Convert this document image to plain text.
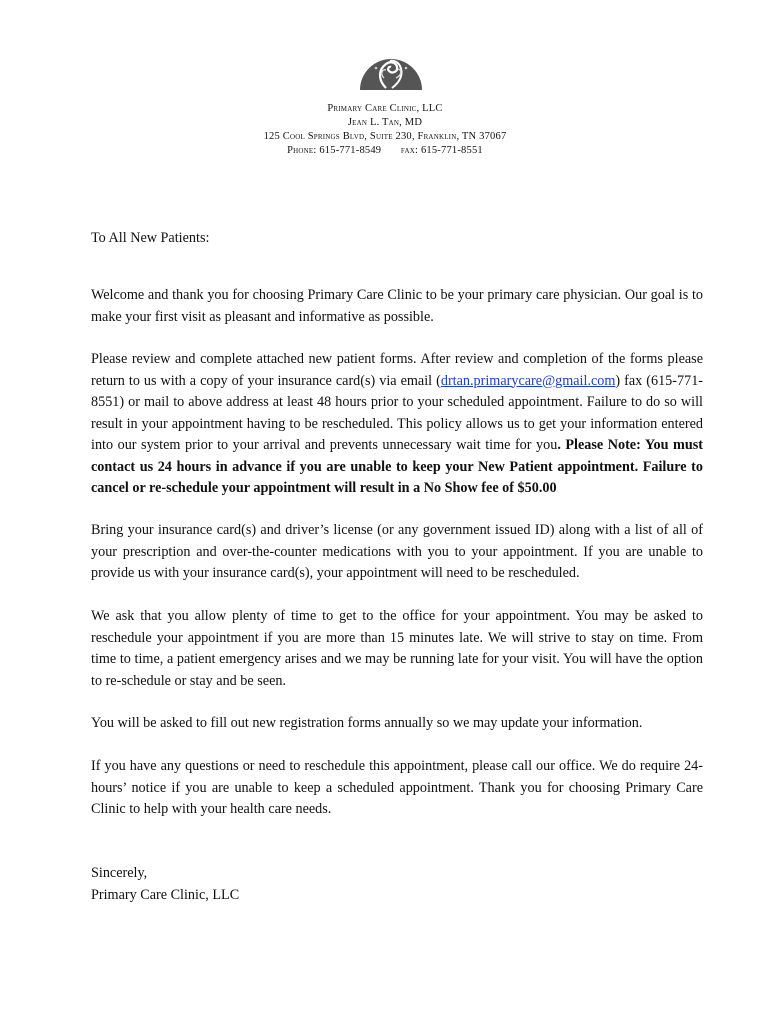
Primary Care Clinic, LLC
Jean L. Tan, MD
125 Cool Springs Blvd, Suite 230, Franklin, TN 37067
Phone: 615-771-8549 fax: 615-771-8551
To All New Patients:
Welcome and thank you for choosing Primary Care Clinic to be your primary care physician. Our goal is to make your first visit as pleasant and informative as possible.
Please review and complete attached new patient forms. After review and completion of the forms please return to us with a copy of your insurance card(s) via email (drtan.primarycare@gmail.com) fax (615-771-8551) or mail to above address at least 48 hours prior to your scheduled appointment. Failure to do so will result in your appointment having to be rescheduled. This policy allows us to get your information entered into our system prior to your arrival and prevents unnecessary wait time for you. Please Note: You must contact us 24 hours in advance if you are unable to keep your New Patient appointment. Failure to cancel or re-schedule your appointment will result in a No Show fee of $50.00
Bring your insurance card(s) and driver’s license (or any government issued ID) along with a list of all of your prescription and over-the-counter medications with you to your appointment. If you are unable to provide us with your insurance card(s), your appointment will need to be rescheduled.
We ask that you allow plenty of time to get to the office for your appointment. You may be asked to reschedule your appointment if you are more than 15 minutes late. We will strive to stay on time. From time to time, a patient emergency arises and we may be running late for your visit. You will have the option to re-schedule or stay and be seen.
You will be asked to fill out new registration forms annually so we may update your information.
If you have any questions or need to reschedule this appointment, please call our office. We do require 24- hours’ notice if you are unable to keep a scheduled appointment. Thank you for choosing Primary Care Clinic to help with your health care needs.
Sincerely,
Primary Care Clinic, LLC
